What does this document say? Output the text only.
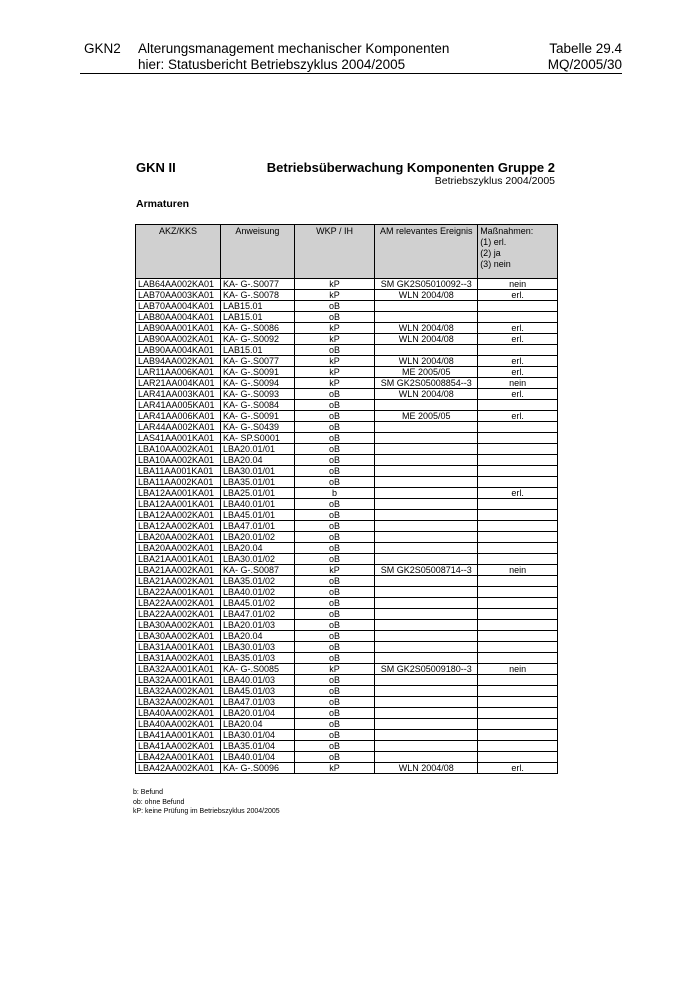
GKN2 Alterungsmanagement mechanischer Komponenten	Tabelle 29.4
hier: Statusbericht Betriebszyklus 2004/2005	MQ/2005/30
GKN II	Betriebsüberwachung Komponenten Gruppe 2
Betriebszyklus 2004/2005
Armaturen
AKZ/KKS	Anweisung	WKP / IH	AM relevantes Ereignis	Maßnahmen:
(1) erl.
(2) ja
(3) nein
LAB64AA002KA01	KA- G-.S0077	kP	SM GK2S05010092--3	nein
LAB70AA003KA01	KA- G-.S0078	kP	WLN 2004/08	erl.
LAB70AA004KA01	LAB15.01	oB		
LAB80AA004KA01	LAB15.01	oB		
LAB90AA001KA01	KA- G-.S0086	kP	WLN 2004/08	erl.
LAB90AA002KA01	KA- G-.S0092	kP	WLN 2004/08	erl.
LAB90AA004KA01	LAB15.01	oB		
LAB94AA002KA01	KA- G-.S0077	kP	WLN 2004/08	erl.
LAR11AA006KA01	KA- G-.S0091	kP	ME 2005/05	erl.
LAR21AA004KA01	KA- G-.S0094	kP	SM GK2S05008854--3	nein
LAR41AA003KA01	KA- G-.S0093	oB	WLN 2004/08	erl.
LAR41AA005KA01	KA- G-.S0084	oB		
LAR41AA006KA01	KA- G-.S0091	oB	ME 2005/05	erl.
LAR44AA002KA01	KA- G-.S0439	oB		
LAS41AA001KA01	KA- SP.S0001	oB		
LBA10AA002KA01	LBA20.01/01	oB		
LBA10AA002KA01	LBA20.04	oB		
LBA11AA001KA01	LBA30.01/01	oB		
LBA11AA002KA01	LBA35.01/01	oB		
LBA12AA001KA01	LBA25.01/01	b		erl.
LBA12AA001KA01	LBA40.01/01	oB		
LBA12AA002KA01	LBA45.01/01	oB		
LBA12AA002KA01	LBA47.01/01	oB		
LBA20AA002KA01	LBA20.01/02	oB		
LBA20AA002KA01	LBA20.04	oB		
LBA21AA001KA01	LBA30.01/02	oB		
LBA21AA002KA01	KA- G-.S0087	kP	SM GK2S05008714--3	nein
LBA21AA002KA01	LBA35.01/02	oB		
LBA22AA001KA01	LBA40.01/02	oB		
LBA22AA002KA01	LBA45.01/02	oB		
LBA22AA002KA01	LBA47.01/02	oB		
LBA30AA002KA01	LBA20.01/03	oB		
LBA30AA002KA01	LBA20.04	oB		
LBA31AA001KA01	LBA30.01/03	oB		
LBA31AA002KA01	LBA35.01/03	oB		
LBA32AA001KA01	KA- G-.S0085	kP	SM GK2S05009180--3	nein
LBA32AA001KA01	LBA40.01/03	oB		
LBA32AA002KA01	LBA45.01/03	oB		
LBA32AA002KA01	LBA47.01/03	oB		
LBA40AA002KA01	LBA20.01/04	oB		
LBA40AA002KA01	LBA20.04	oB		
LBA41AA001KA01	LBA30.01/04	oB		
LBA41AA002KA01	LBA35.01/04	oB		
LBA42AA001KA01	LBA40.01/04	oB		
LBA42AA002KA01	KA- G-.S0096	kP	WLN 2004/08	erl.
b: Befund
ob: ohne Befund
kP: keine Prüfung im Betriebszyklus 2004/2005
